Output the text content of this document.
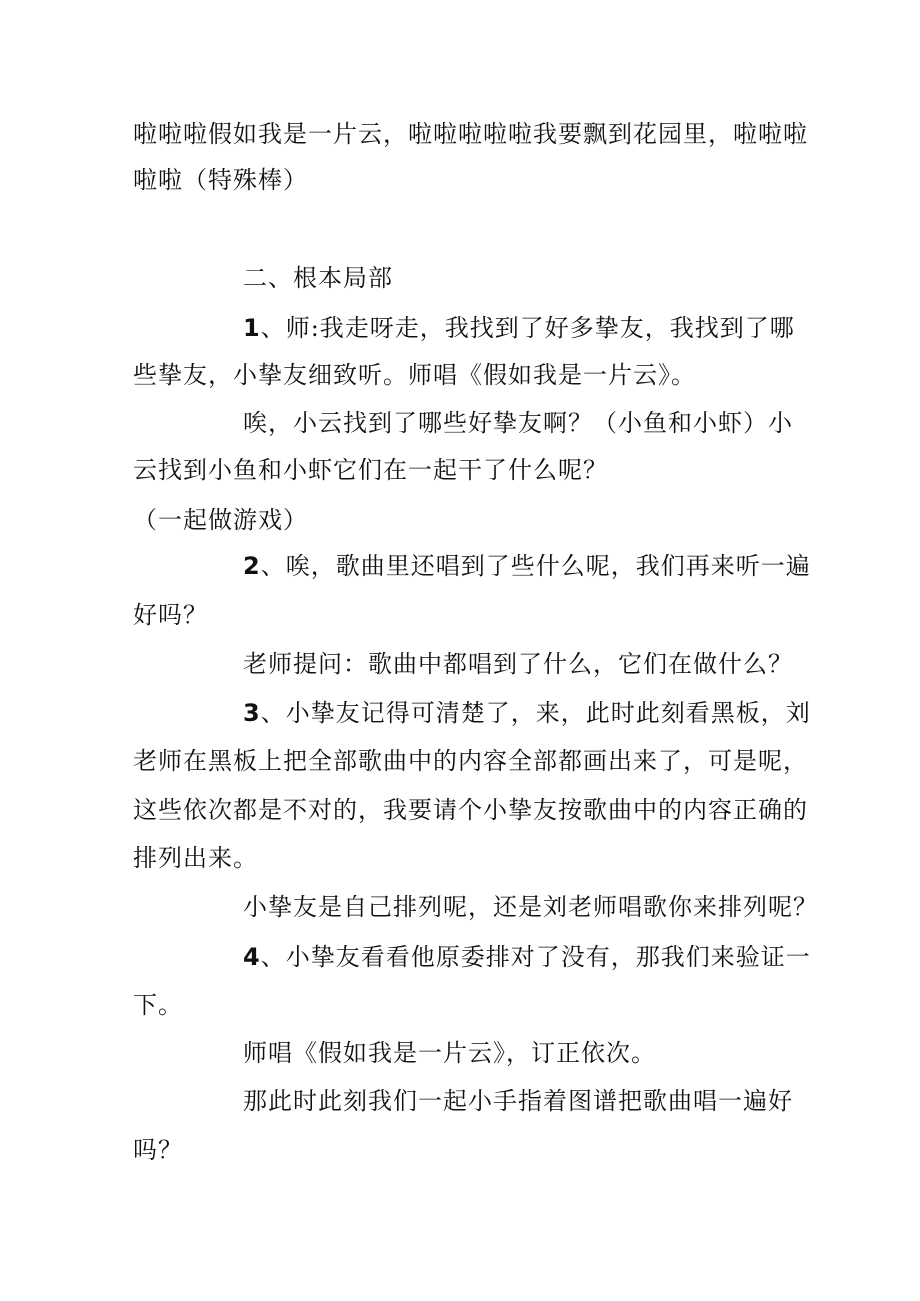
啦啦啦假如我是一片云，啦啦啦啦啦我要飘到花园里，啦啦啦
啦啦（特殊棒）
二、根本局部
1、师:我走呀走，我找到了好多挚友，我找到了哪
些挚友，小挚友细致听。师唱《假如我是一片云》。
唉，小云找到了哪些好挚友啊？（小鱼和小虾）小
云找到小鱼和小虾它们在一起干了什么呢？
（一起做游戏）
2、唉，歌曲里还唱到了些什么呢，我们再来听一遍
好吗？
老师提问：歌曲中都唱到了什么，它们在做什么？
3、小挚友记得可清楚了，来，此时此刻看黑板，刘
老师在黑板上把全部歌曲中的内容全部都画出来了，可是呢，
这些依次都是不对的，我要请个小挚友按歌曲中的内容正确的
排列出来。
小挚友是自己排列呢，还是刘老师唱歌你来排列呢？
4、小挚友看看他原委排对了没有，那我们来验证一
下。
师唱《假如我是一片云》，订正依次。
那此时此刻我们一起小手指着图谱把歌曲唱一遍好
吗？
